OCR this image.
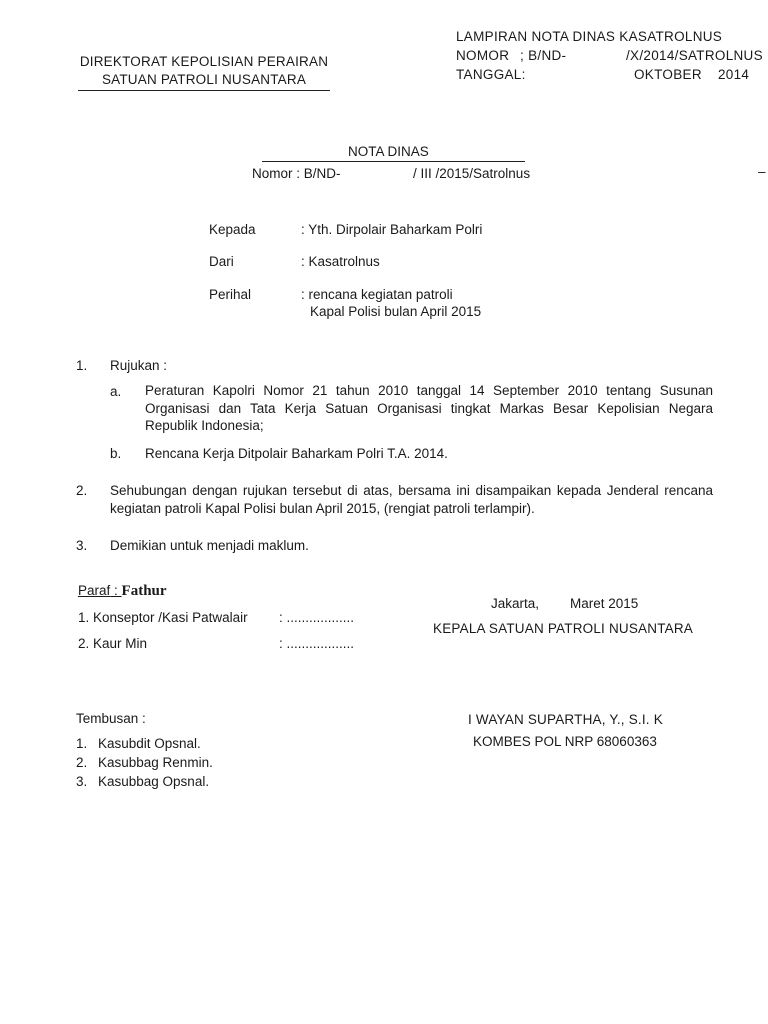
LAMPIRAN NOTA DINAS KASATROLNUS
NOMOR ; B/ND-	/X/2014/SATROLNUS
TANGGAL:	OKTOBER 2014
DIREKTORAT KEPOLISIAN PERAIRAN
SATUAN PATROLI NUSANTARA
NOTA DINAS
Nomor : B/ND-	/ III /2015/Satrolnus	–
Kepada	: Yth. Dirpolair Baharkam Polri
Dari	: Kasatrolnus
Perihal	: rencana kegiatan patroli
Kapal Polisi bulan April 2015
1. Rujukan :
a. Peraturan Kapolri Nomor 21 tahun 2010 tanggal 14 September 2010 tentang Susunan Organisasi dan Tata Kerja Satuan Organisasi tingkat Markas Besar Kepolisian Negara Republik Indonesia;
b. Rencana Kerja Ditpolair Baharkam Polri T.A. 2014.
2. Sehubungan dengan rujukan tersebut di atas, bersama ini disampaikan kepada Jenderal rencana kegiatan patroli Kapal Polisi bulan April 2015, (rengiat patroli terlampir).
3. Demikian untuk menjadi maklum.
Paraf : Fathur
1. Konseptor /Kasi Patwalair : ..................
2. Kaur Min	: ..................
Jakarta, Maret 2015
KEPALA SATUAN PATROLI NUSANTARA
I WAYAN SUPARTHA, Y., S.I. K
KOMBES POL NRP 68060363
Tembusan :
1. Kasubdit Opsnal.
2. Kasubbag Renmin.
3. Kasubbag Opsnal.
